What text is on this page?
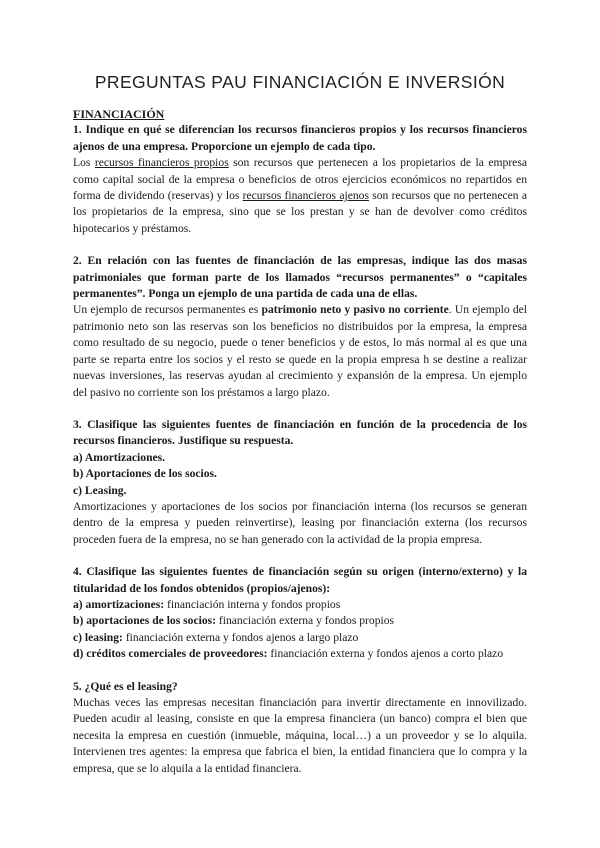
PREGUNTAS PAU FINANCIACIÓN E INVERSIÓN

FINANCIACIÓN

1. Indique en qué se diferencian los recursos financieros propios y los recursos financieros ajenos de una empresa. Proporcione un ejemplo de cada tipo.

Los recursos financieros propios son recursos que pertenecen a los propietarios de la empresa como capital social de la empresa o beneficios de otros ejercicios económicos no repartidos en forma de dividendo (reservas) y los recursos financieros ajenos son recursos que no pertenecen a los propietarios de la empresa, sino que se los prestan y se han de devolver como créditos hipotecarios y préstamos.

2. En relación con las fuentes de financiación de las empresas, indique las dos masas patrimoniales que forman parte de los llamados “recursos permanentes” o “capitales permanentes”. Ponga un ejemplo de una partida de cada una de ellas.

Un ejemplo de recursos permanentes es patrimonio neto y pasivo no corriente. Un ejemplo del patrimonio neto son las reservas son los beneficios no distribuidos por la empresa, la empresa como resultado de su negocio, puede o tener beneficios y de estos, lo más normal al es que una parte se reparta entre los socios y el resto se quede en la propia empresa h se destine a realizar nuevas inversiones, las reservas ayudan al crecimiento y expansión de la empresa. Un ejemplo del pasivo no corriente son los préstamos a largo plazo.

3. Clasifique las siguientes fuentes de financiación en función de la procedencia de los recursos financieros. Justifique su respuesta.

a) Amortizaciones.

b) Aportaciones de los socios.

c) Leasing.

Amortizaciones y aportaciones de los socios por financiación interna (los recursos se generan dentro de la empresa y pueden reinvertirse), leasing por financiación externa (los recursos proceden fuera de la empresa, no se han generado con la actividad de la propia empresa.

4. Clasifique las siguientes fuentes de financiación según su origen (interno/externo) y la titularidad de los fondos obtenidos (propios/ajenos):

a) amortizaciones: financiación interna y fondos propios

b) aportaciones de los socios: financiación externa y fondos propios

c) leasing: financiación externa y fondos ajenos a largo plazo

d) créditos comerciales de proveedores: financiación externa y fondos ajenos a corto plazo

5. ¿Qué es el leasing?

Muchas veces las empresas necesitan financiación para invertir directamente en innovilizado. Pueden acudir al leasing, consiste en que la empresa financiera (un banco) compra el bien que necesita la empresa en cuestión (inmueble, máquina, local…) a un proveedor y se lo alquila. Intervienen tres agentes: la empresa que fabrica el bien, la entidad financiera que lo compra y la empresa, que se lo alquila a la entidad financiera.
